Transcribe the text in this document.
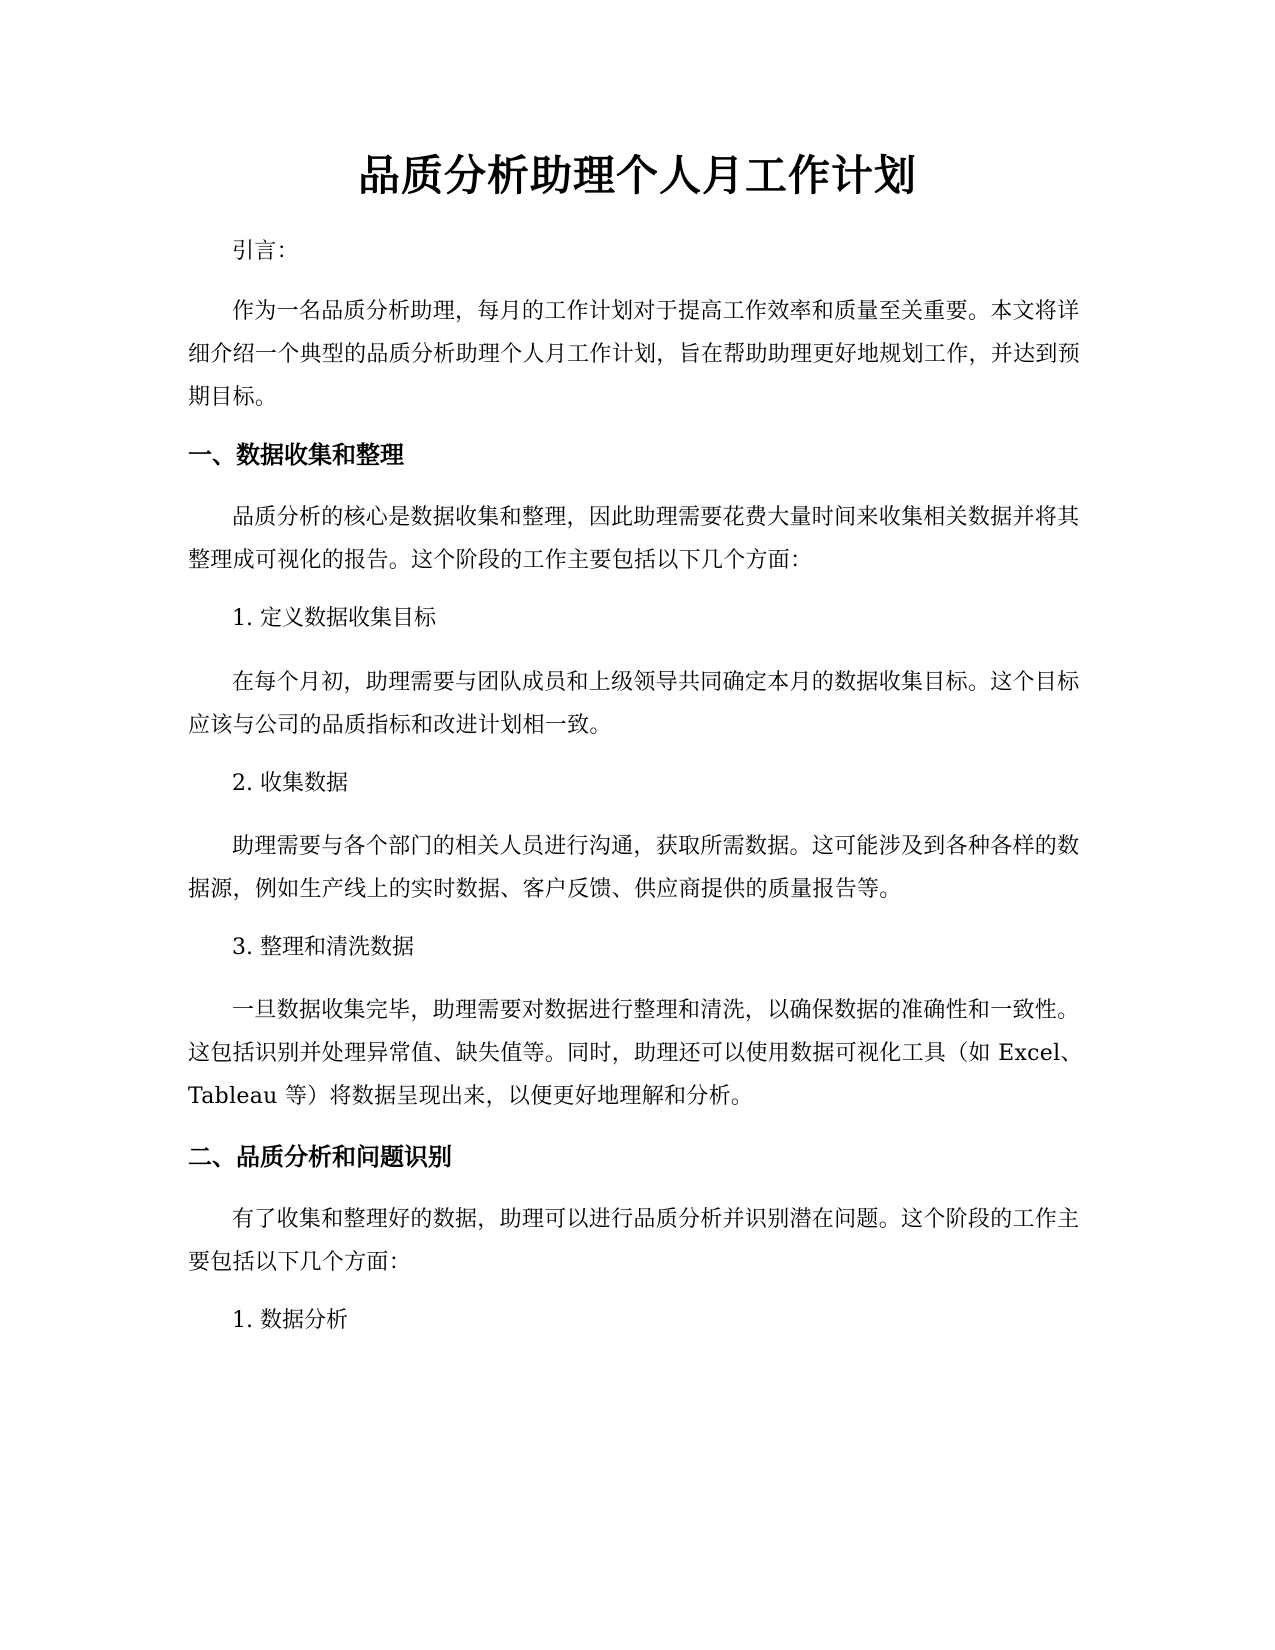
品质分析助理个人月工作计划

引言：

作为一名品质分析助理，每月的工作计划对于提高工作效率和质量至关重要。本文将详细介绍一个典型的品质分析助理个人月工作计划，旨在帮助助理更好地规划工作，并达到预期目标。

一、数据收集和整理

品质分析的核心是数据收集和整理，因此助理需要花费大量时间来收集相关数据并将其整理成可视化的报告。这个阶段的工作主要包括以下几个方面：

1. 定义数据收集目标

在每个月初，助理需要与团队成员和上级领导共同确定本月的数据收集目标。这个目标应该与公司的品质指标和改进计划相一致。

2. 收集数据

助理需要与各个部门的相关人员进行沟通，获取所需数据。这可能涉及到各种各样的数据源，例如生产线上的实时数据、客户反馈、供应商提供的质量报告等。

3. 整理和清洗数据

一旦数据收集完毕，助理需要对数据进行整理和清洗，以确保数据的准确性和一致性。这包括识别并处理异常值、缺失值等。同时，助理还可以使用数据可视化工具（如 Excel、Tableau 等）将数据呈现出来，以便更好地理解和分析。

二、品质分析和问题识别

有了收集和整理好的数据，助理可以进行品质分析并识别潜在问题。这个阶段的工作主要包括以下几个方面：

1. 数据分析
